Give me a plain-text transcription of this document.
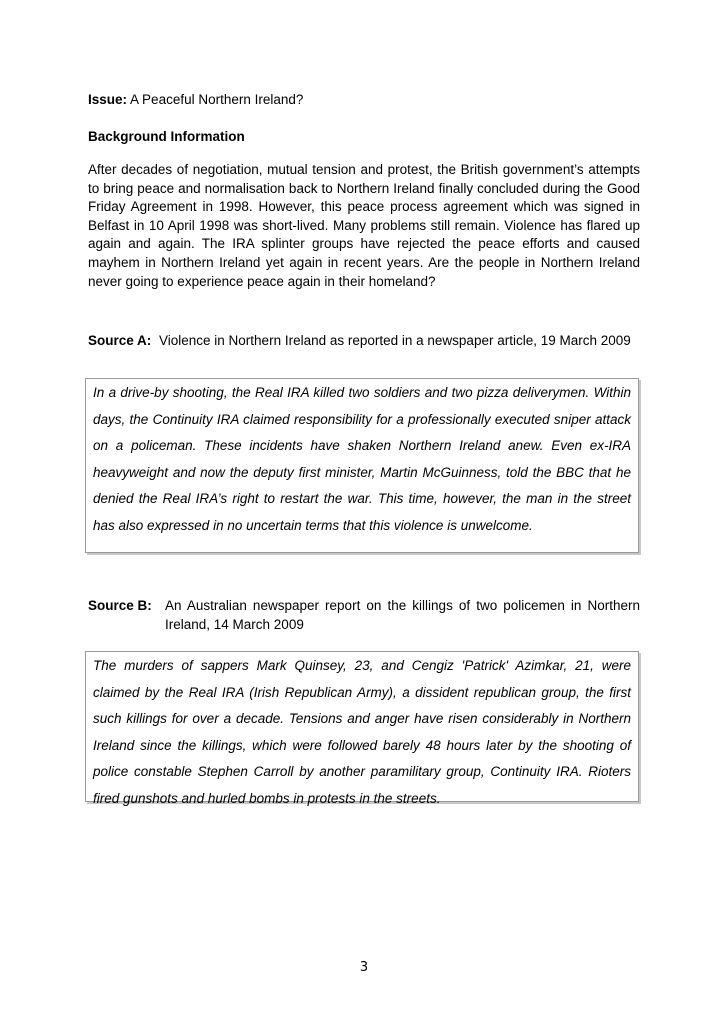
Issue: A Peaceful Northern Ireland?
Background Information
After decades of negotiation, mutual tension and protest, the British government’s attempts to bring peace and normalisation back to Northern Ireland finally concluded during the Good Friday Agreement in 1998. However, this peace process agreement which was signed in Belfast in 10 April 1998 was short-lived. Many problems still remain. Violence has flared up again and again. The IRA splinter groups have rejected the peace efforts and caused mayhem in Northern Ireland yet again in recent years. Are the people in Northern Ireland never going to experience peace again in their homeland?
Source A: Violence in Northern Ireland as reported in a newspaper article, 19 March 2009
In a drive-by shooting, the Real IRA killed two soldiers and two pizza deliverymen. Within days, the Continuity IRA claimed responsibility for a professionally executed sniper attack on a policeman. These incidents have shaken Northern Ireland anew. Even ex-IRA heavyweight and now the deputy first minister, Martin McGuinness, told the BBC that he denied the Real IRA’s right to restart the war. This time, however, the man in the street has also expressed in no uncertain terms that this violence is unwelcome.
Source B: An Australian newspaper report on the killings of two policemen in Northern Ireland, 14 March 2009
The murders of sappers Mark Quinsey, 23, and Cengiz 'Patrick' Azimkar, 21, were claimed by the Real IRA (Irish Republican Army), a dissident republican group, the first such killings for over a decade. Tensions and anger have risen considerably in Northern Ireland since the killings, which were followed barely 48 hours later by the shooting of police constable Stephen Carroll by another paramilitary group, Continuity IRA. Rioters fired gunshots and hurled bombs in protests in the streets.
3
